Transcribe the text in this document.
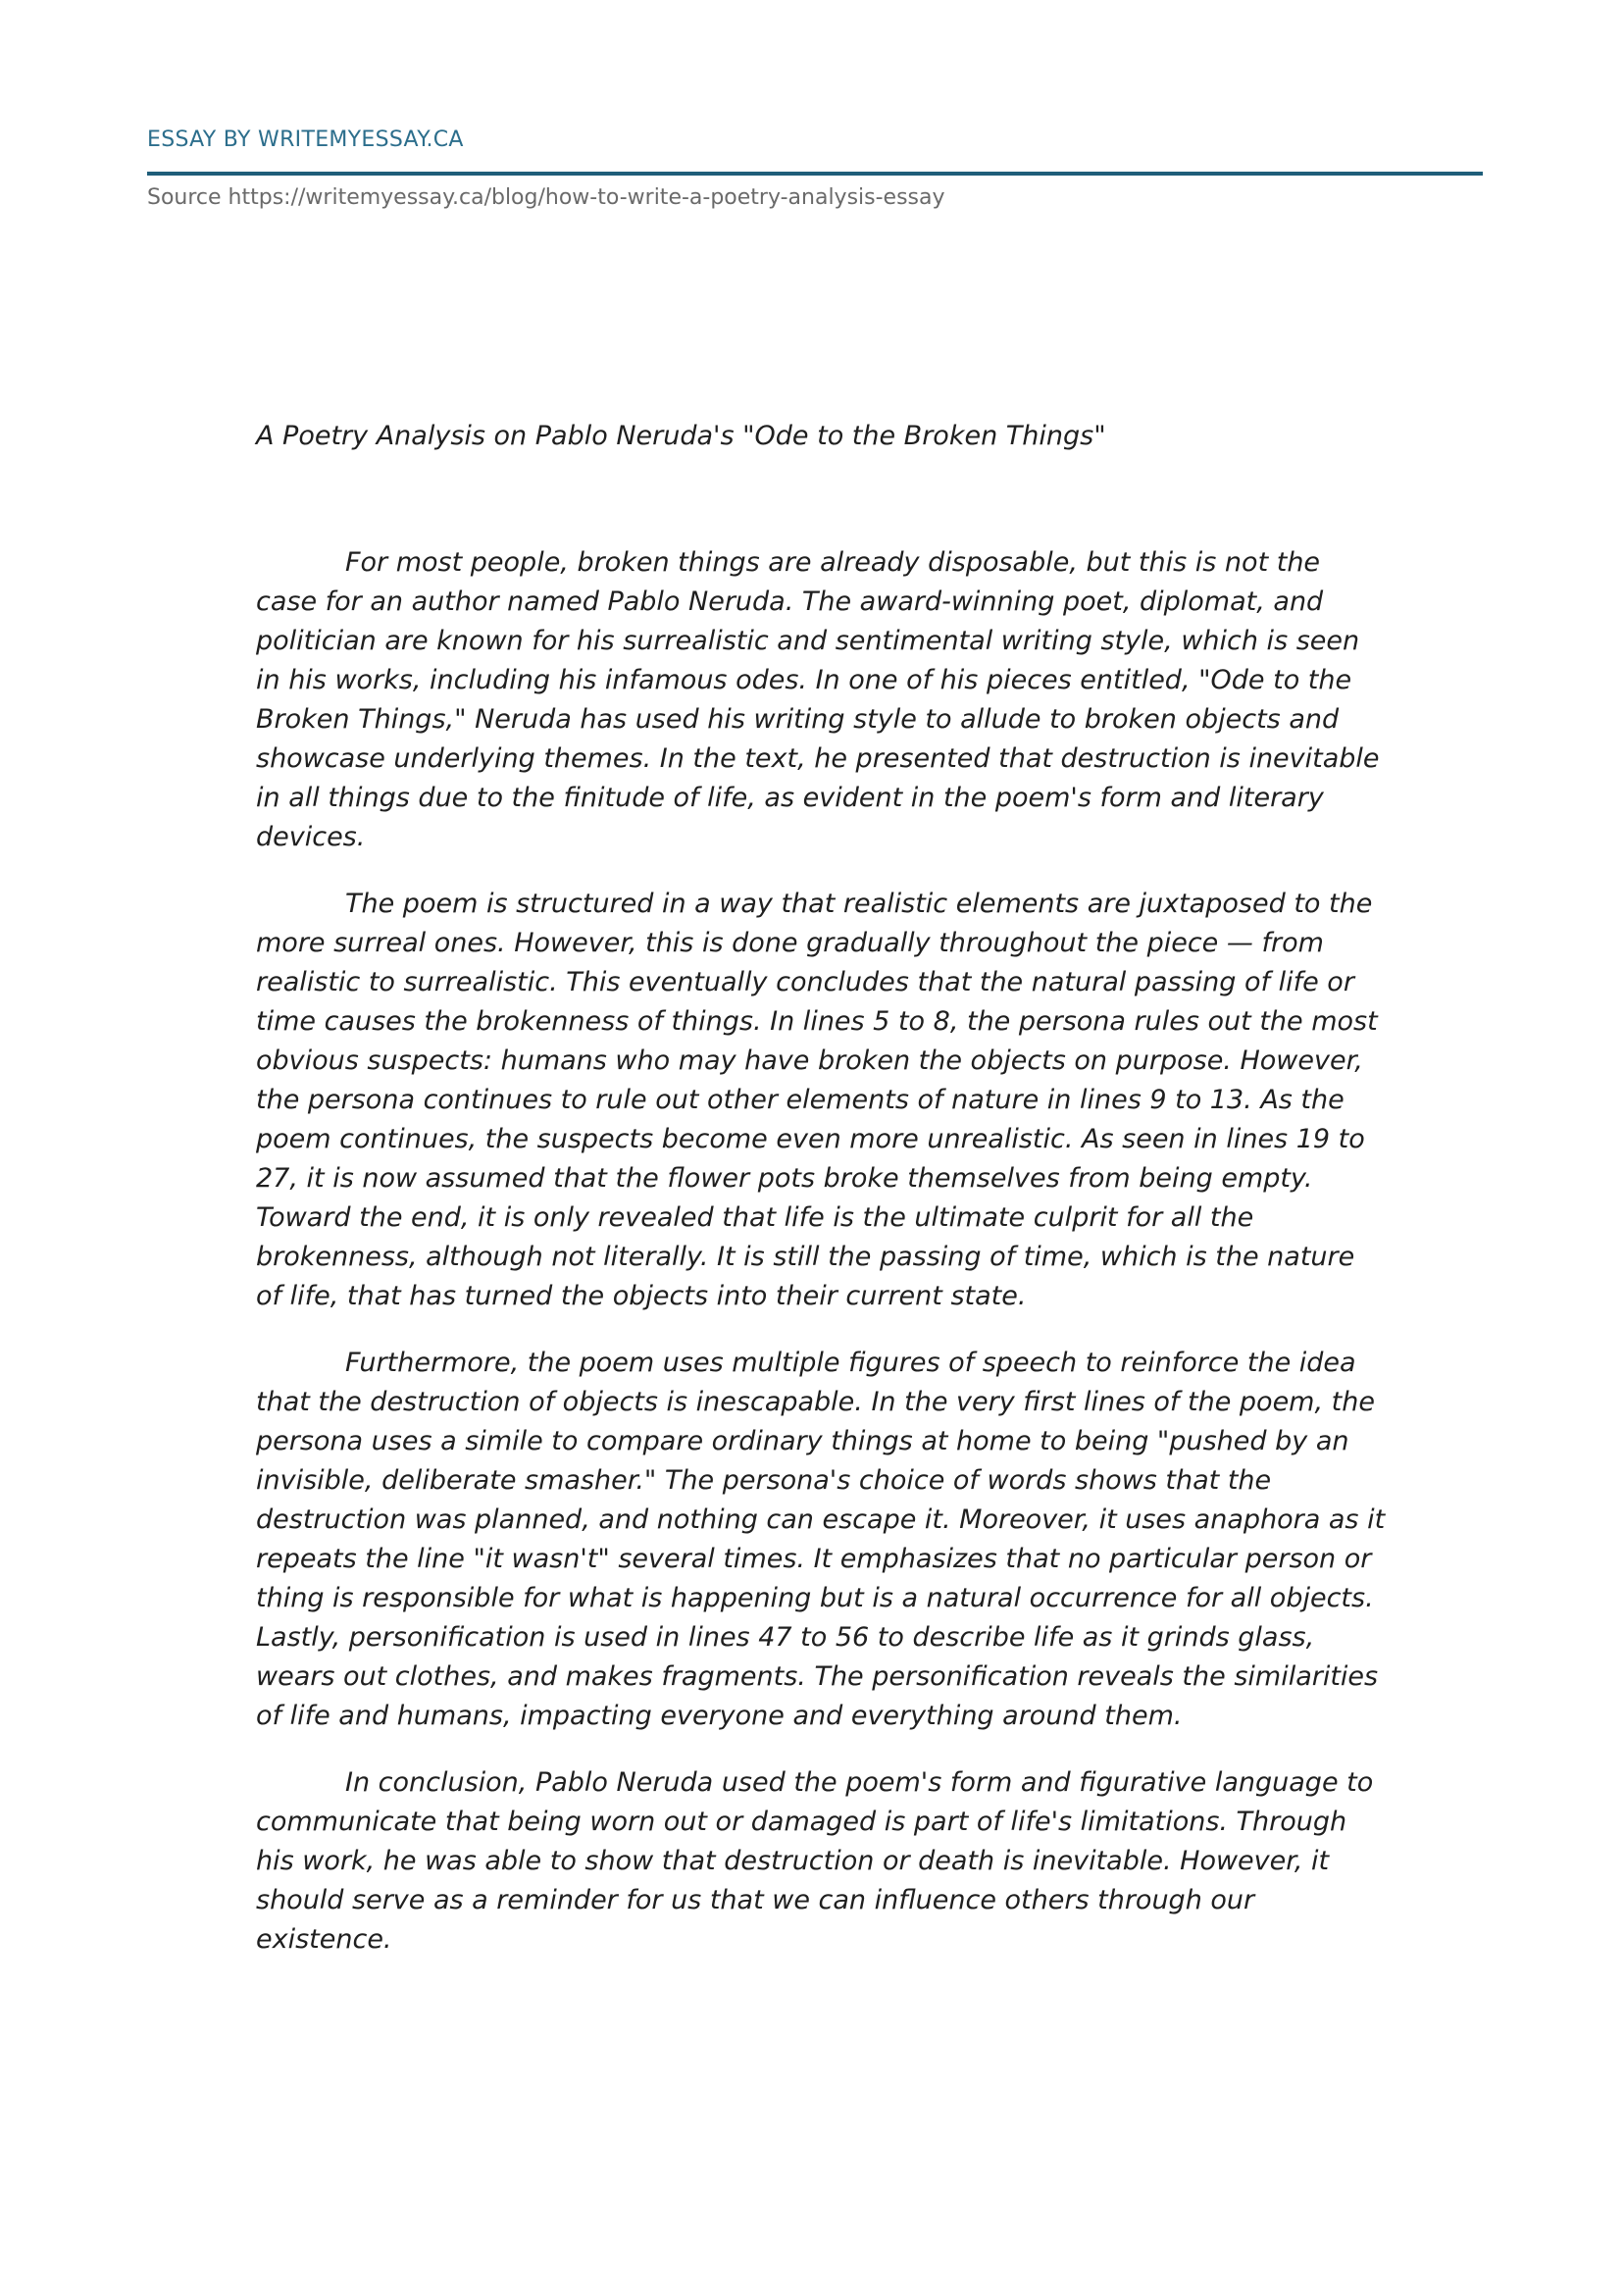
ESSAY BY WRITEMYESSAY.CA
Source https://writemyessay.ca/blog/how-to-write-a-poetry-analysis-essay

A Poetry Analysis on Pablo Neruda's "Ode to the Broken Things"

For most people, broken things are already disposable, but this is not the case for an author named Pablo Neruda. The award-winning poet, diplomat, and politician are known for his surrealistic and sentimental writing style, which is seen in his works, including his infamous odes. In one of his pieces entitled, "Ode to the Broken Things," Neruda has used his writing style to allude to broken objects and showcase underlying themes. In the text, he presented that destruction is inevitable in all things due to the finitude of life, as evident in the poem's form and literary devices.

The poem is structured in a way that realistic elements are juxtaposed to the more surreal ones. However, this is done gradually throughout the piece — from realistic to surrealistic. This eventually concludes that the natural passing of life or time causes the brokenness of things. In lines 5 to 8, the persona rules out the most obvious suspects: humans who may have broken the objects on purpose. However, the persona continues to rule out other elements of nature in lines 9 to 13. As the poem continues, the suspects become even more unrealistic. As seen in lines 19 to 27, it is now assumed that the flower pots broke themselves from being empty. Toward the end, it is only revealed that life is the ultimate culprit for all the brokenness, although not literally. It is still the passing of time, which is the nature of life, that has turned the objects into their current state.

Furthermore, the poem uses multiple figures of speech to reinforce the idea that the destruction of objects is inescapable. In the very first lines of the poem, the persona uses a simile to compare ordinary things at home to being "pushed by an invisible, deliberate smasher." The persona's choice of words shows that the destruction was planned, and nothing can escape it. Moreover, it uses anaphora as it repeats the line "it wasn't" several times. It emphasizes that no particular person or thing is responsible for what is happening but is a natural occurrence for all objects. Lastly, personification is used in lines 47 to 56 to describe life as it grinds glass, wears out clothes, and makes fragments. The personification reveals the similarities of life and humans, impacting everyone and everything around them.

In conclusion, Pablo Neruda used the poem's form and figurative language to communicate that being worn out or damaged is part of life's limitations. Through his work, he was able to show that destruction or death is inevitable. However, it should serve as a reminder for us that we can influence others through our existence.
